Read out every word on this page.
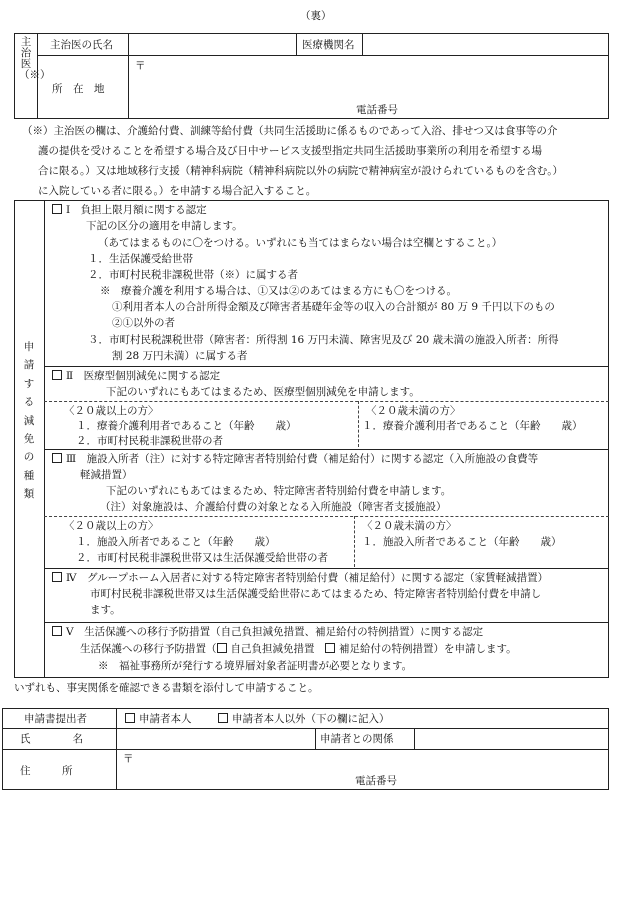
（裏）
主治医（※）
主治医の氏名	医療機関名
所　在　地
〒
電話番号
（※）主治医の欄は、介護給付費、訓練等給付費（共同生活援助に係るものであって入浴、排せつ又は食事等の介
護の提供を受けることを希望する場合及び日中サービス支援型指定共同生活援助事業所の利用を希望する場
合に限る。）又は地域移行支援（精神科病院（精神科病院以外の病院で精神病室が設けられているものを含む。）
に入院している者に限る。）を申請する場合記入すること。
申請する減免の種類
Ⅰ　負担上限月額に関する認定
下記の区分の適用を申請します。
（あてはまるものに〇をつける。いずれにも当てはまらない場合は空欄とすること。）
１．生活保護受給世帯
２．市町村民税非課税世帯（※）に属する者
※　療養介護を利用する場合は、①又は②のあてはまる方にも〇をつける。
①利用者本人の合計所得金額及び障害者基礎年金等の収入の合計額が 80 万 9 千円以下のもの
②①以外の者
３．市町村民税課税世帯（障害者：所得割 16 万円未満、障害児及び 20 歳未満の施設入所者：所得
割 28 万円未満）に属する者
Ⅱ　医療型個別減免に関する認定
下記のいずれにもあてはまるため、医療型個別減免を申請します。
〈２０歳以上の方〉
１．療養介護利用者であること（年齢　　歳）
２．市町村民税非課税世帯の者
〈２０歳未満の方〉
１．療養介護利用者であること（年齢　　歳）
Ⅲ　施設入所者（注）に対する特定障害者特別給付費（補足給付）に関する認定（入所施設の食費等
軽減措置）
下記のいずれにもあてはまるため、特定障害者特別給付費を申請します。
（注）対象施設は、介護給付費の対象となる入所施設（障害者支援施設）
〈２０歳以上の方〉
１．施設入所者であること（年齢　　歳）
２．市町村民税非課税世帯又は生活保護受給世帯の者
〈２０歳未満の方〉
１．施設入所者であること（年齢　　歳）
Ⅳ　グループホーム入居者に対する特定障害者特別給付費（補足給付）に関する認定（家賃軽減措置）
市町村民税非課税世帯又は生活保護受給世帯にあてはまるため、特定障害者特別給付費を申請し
ます。
Ⅴ　生活保護への移行予防措置（自己負担減免措置、補足給付の特例措置）に関する認定
生活保護への移行予防措置（ 自己負担減免措置　 補足給付の特例措置）を申請します。
※　福祉事務所が発行する境界層対象者証明書が必要となります。
いずれも、事実関係を確認できる書類を添付して申請すること。
申請書提出者	申請者本人	申請者本人以外（下の欄に記入）
氏　　　　名	申請者との関係
住　　　所
〒
電話番号
